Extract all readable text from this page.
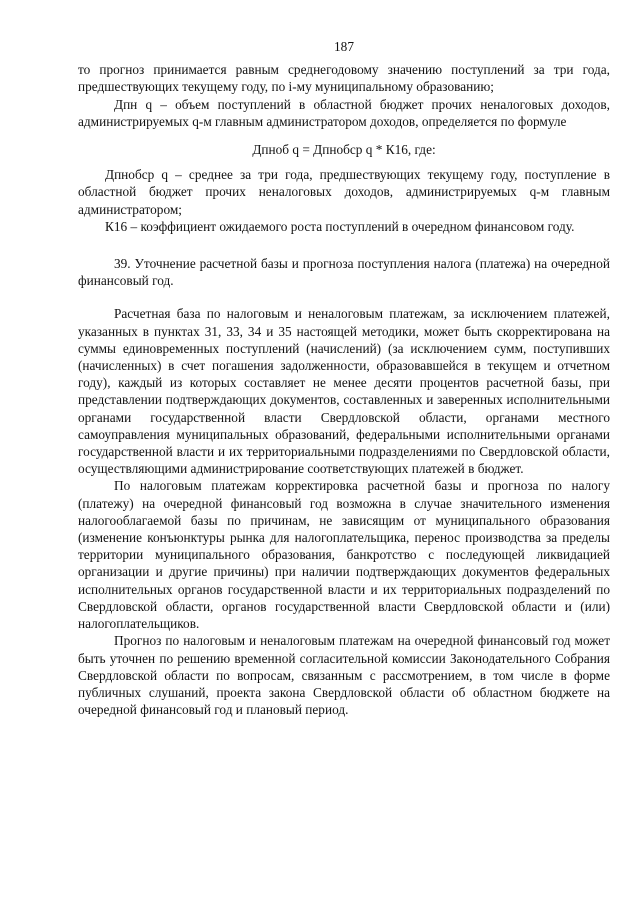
187

то прогноз принимается равным среднегодовому значению поступлений за три года, предшествующих текущему году, по i-му муниципальному образованию;

Дпн q – объем поступлений в областной бюджет прочих неналоговых доходов, администрируемых q-м главным администратором доходов, определяется по формуле

Дпноб q = Дпнобср q * К16, где:

Дпнобср q – среднее за три года, предшествующих текущему году, поступление в областной бюджет прочих неналоговых доходов, администрируемых q-м главным администратором;

К16 – коэффициент ожидаемого роста поступлений в очередном финансовом году.

39. Уточнение расчетной базы и прогноза поступления налога (платежа) на очередной финансовый год.

Расчетная база по налоговым и неналоговым платежам, за исключением платежей, указанных в пунктах 31, 33, 34 и 35 настоящей методики, может быть скорректирована на суммы единовременных поступлений (начислений) (за исключением сумм, поступивших (начисленных) в счет погашения задолженности, образовавшейся в текущем и отчетном году), каждый из которых составляет не менее десяти процентов расчетной базы, при представлении подтверждающих документов, составленных и заверенных исполнительными органами государственной власти Свердловской области, органами местного самоуправления муниципальных образований, федеральными исполнительными органами государственной власти и их территориальными подразделениями по Свердловской области, осуществляющими администрирование соответствующих платежей в бюджет.

По налоговым платежам корректировка расчетной базы и прогноза по налогу (платежу) на очередной финансовый год возможна в случае значительного изменения налогооблагаемой базы по причинам, не зависящим от муниципального образования (изменение конъюнктуры рынка для налогоплательщика, перенос производства за пределы территории муниципального образования, банкротство с последующей ликвидацией организации и другие причины) при наличии подтверждающих документов федеральных исполнительных органов государственной власти и их территориальных подразделений по Свердловской области, органов государственной власти Свердловской области и (или) налогоплательщиков.

Прогноз по налоговым и неналоговым платежам на очередной финансовый год может быть уточнен по решению временной согласительной комиссии Законодательного Собрания Свердловской области по вопросам, связанным с рассмотрением, в том числе в форме публичных слушаний, проекта закона Свердловской области об областном бюджете на очередной финансовый год и плановый период.
